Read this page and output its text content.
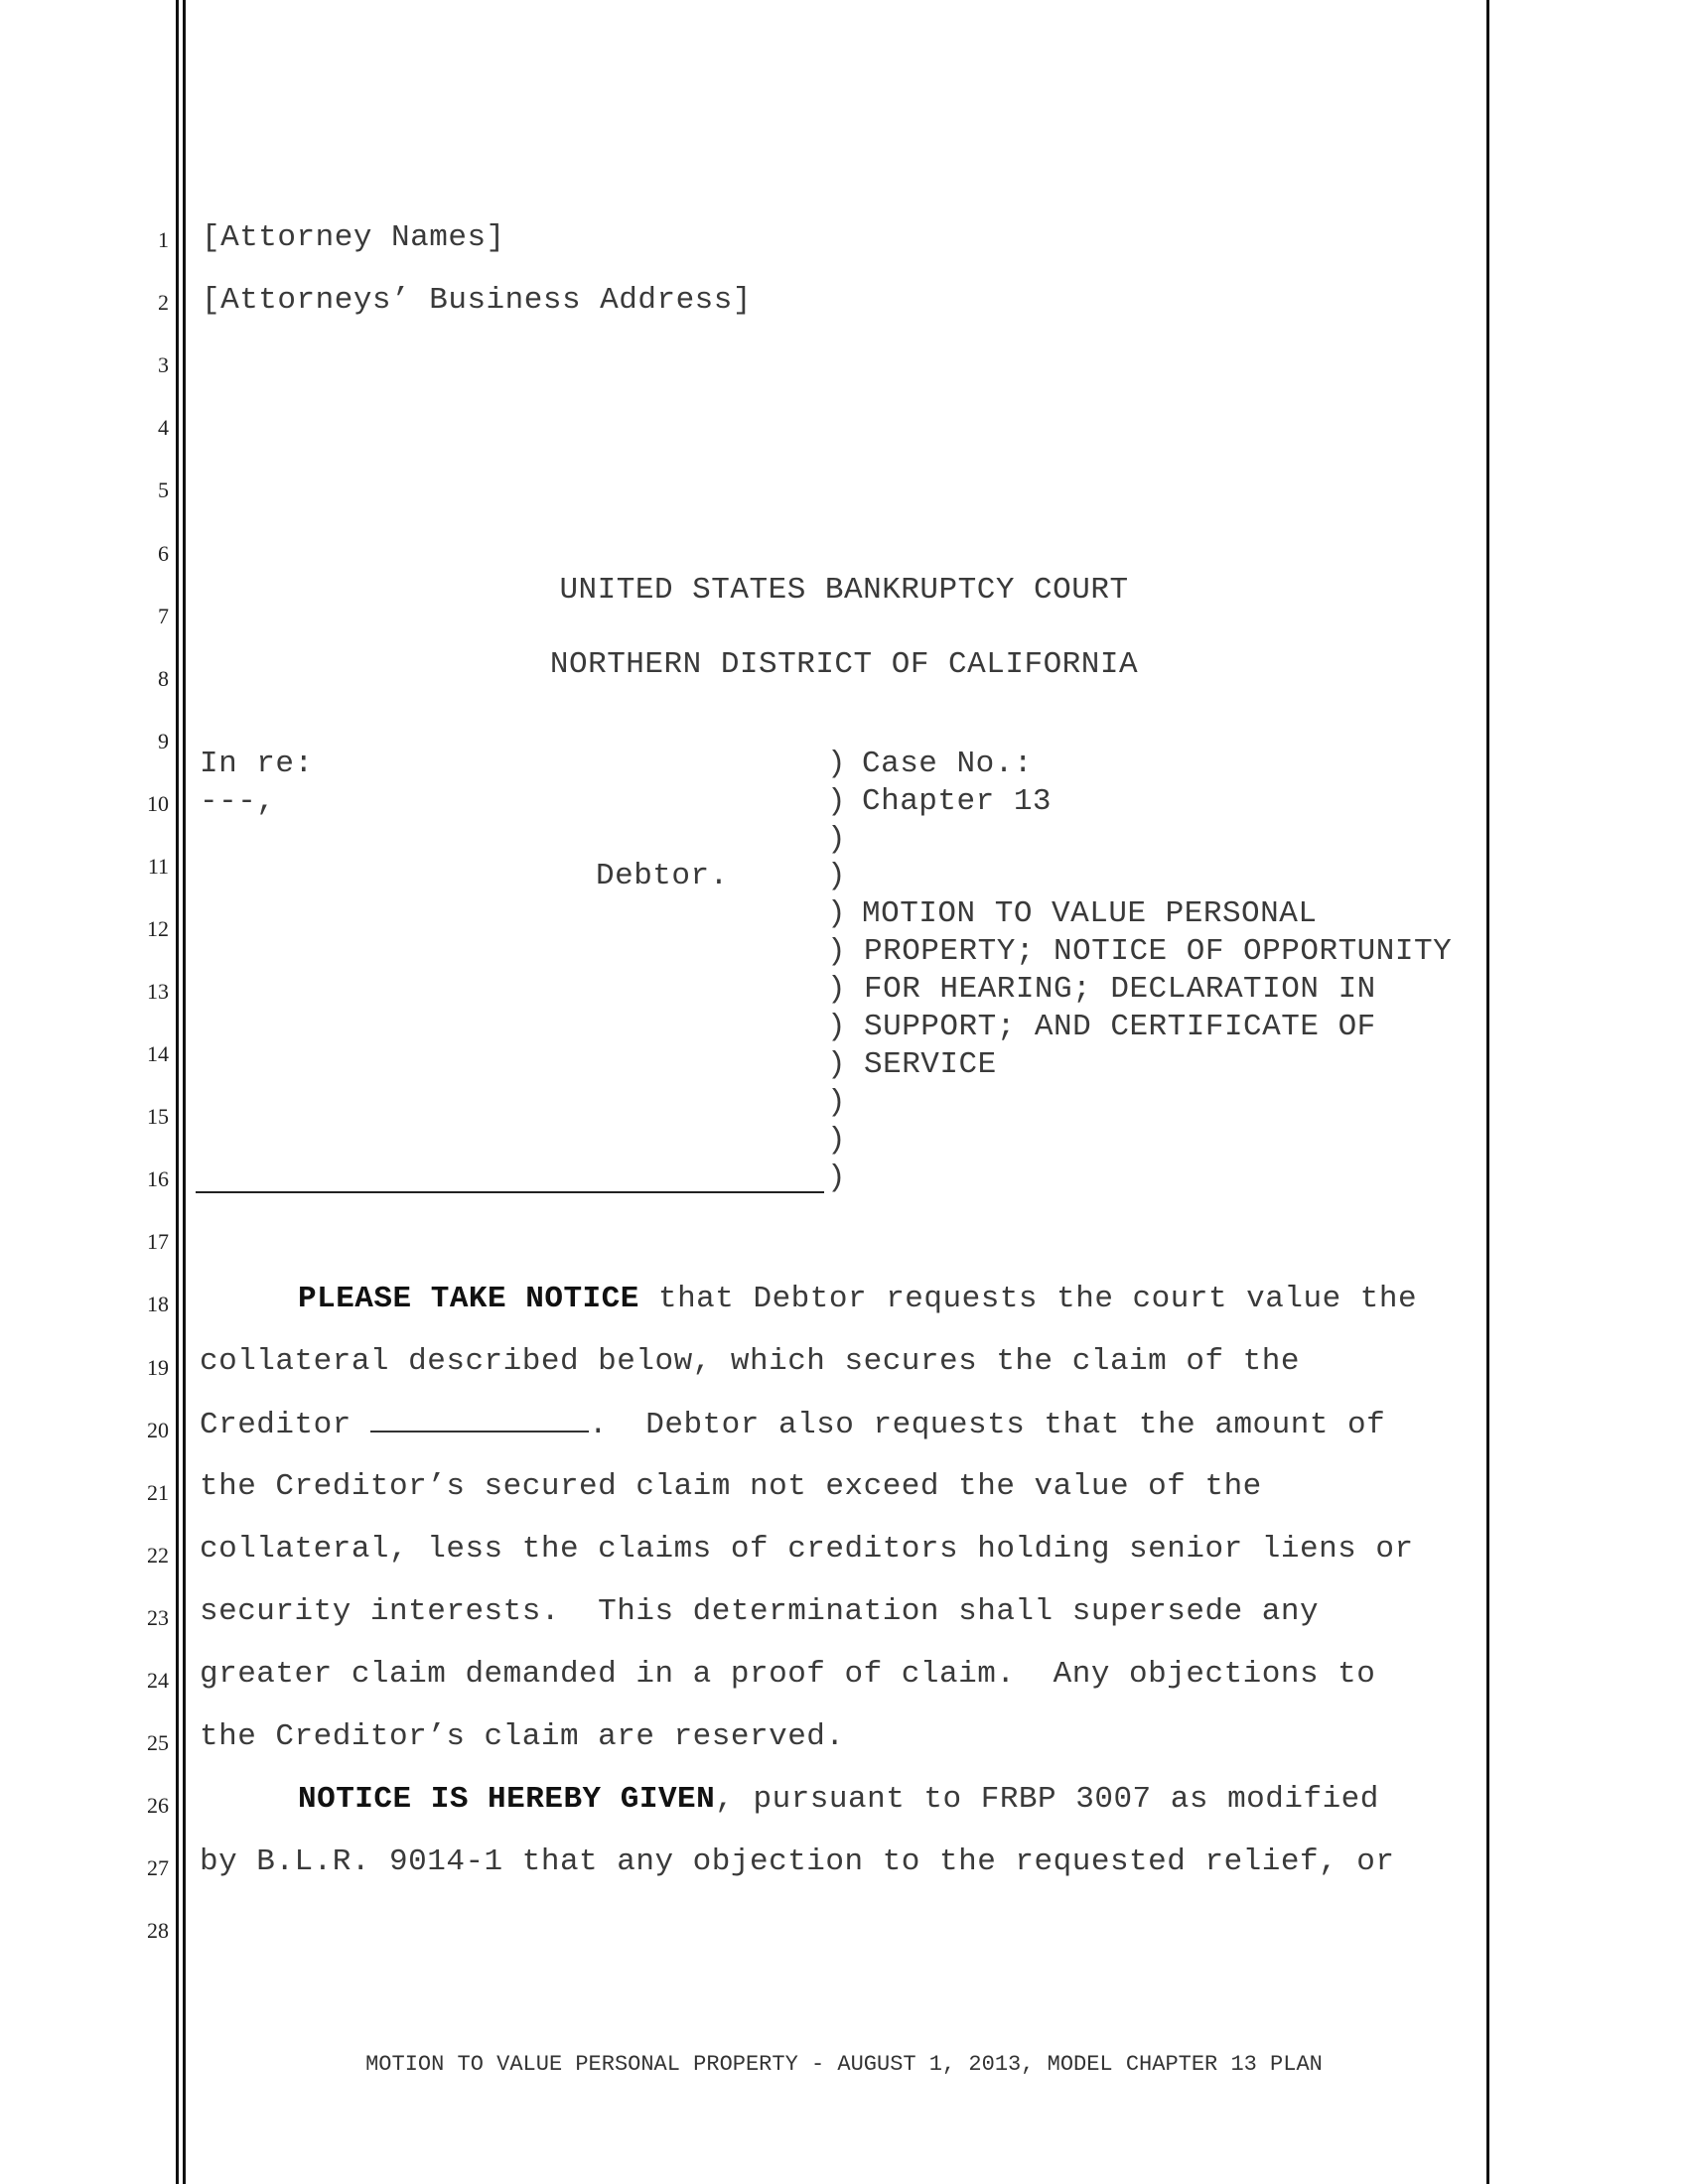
1
2
3
4
5
6
7
8
9
10
11
12
13
14
15
16
17
18
19
20
21
22
23
24
25
26
27
28
[Attorney Names]
[Attorneys’ Business Address]
UNITED STATES BANKRUPTCY COURT
NORTHERN DISTRICT OF CALIFORNIA
In re:
---,
Debtor.
)
)
)
)
)
)
)
)
)
)
)
)
Case No.:
Chapter 13
MOTION TO VALUE PERSONAL
PROPERTY; NOTICE OF OPPORTUNITY
FOR HEARING; DECLARATION IN
SUPPORT; AND CERTIFICATE OF
SERVICE
PLEASE TAKE NOTICE that Debtor requests the court value the
collateral described below, which secures the claim of the
Creditor	.  Debtor also requests that the amount of
the Creditor’s secured claim not exceed the value of the
collateral, less the claims of creditors holding senior liens or
security interests.  This determination shall supersede any
greater claim demanded in a proof of claim.  Any objections to
the Creditor’s claim are reserved.
NOTICE IS HEREBY GIVEN, pursuant to FRBP 3007 as modified
by B.L.R. 9014-1 that any objection to the requested relief, or
MOTION TO VALUE PERSONAL PROPERTY - AUGUST 1, 2013, MODEL CHAPTER 13 PLAN
